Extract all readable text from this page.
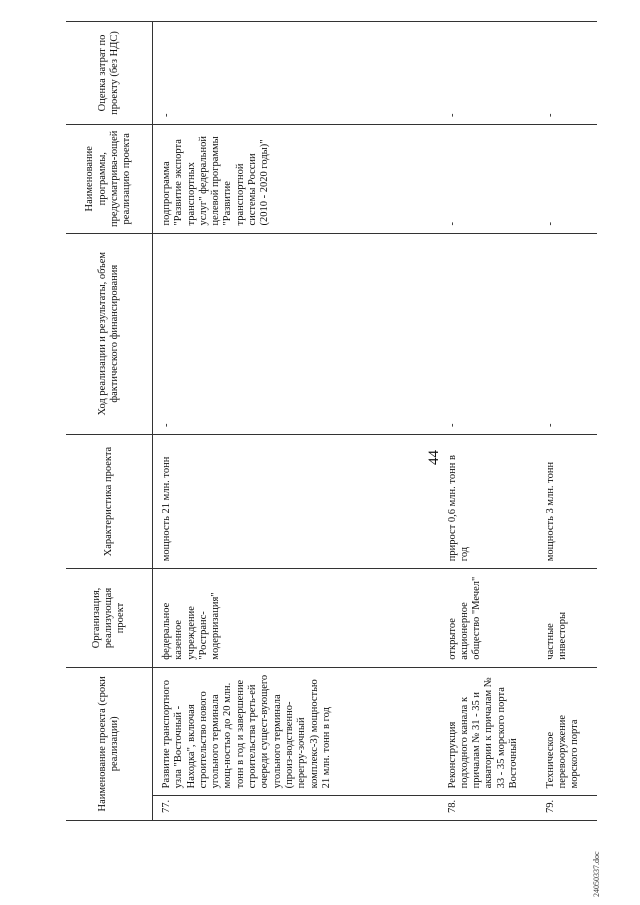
44
24050337.doc
Наименование проекта (сроки реализации)		Организация, реализующая проект	Характеристика проекта	Ход реализации и результаты, объем фактического финансирования	Наименование программы, предусматрива-ющей реализацию проекта	Оценка затрат по проекту (без НДС)
77.	Развитие транспортного узла "Восточный - Находка", включая строительство нового угольного терминала мощ-ностью до 20 млн. тонн в год и завершение строительства треть-ей очереди сущест-вующего угольного терминала (произ-водственно-перегру-зочный комплекс-3) мощностью 21 млн. тонн в год	федеральное казенное учреждение "Ространс-модернизация"	мощность 21 млн. тонн	-	подпрограмма "Развитие экспорта транспортных услуг" федеральной целевой программы "Развитие транспортной системы России (2010 - 2020 годы)"	-
78.	Реконструкция подходного канала к причалам № 31 - 35 и акватории к причалам № 33 - 35 морского порта Восточный	открытое акционерное общество "Мечел"	прирост 0,6 млн. тонн в год	-	-	-
79.	Техническое перевооружение морского порта	частные инвесторы	мощность 3 млн. тонн	-	-	-
